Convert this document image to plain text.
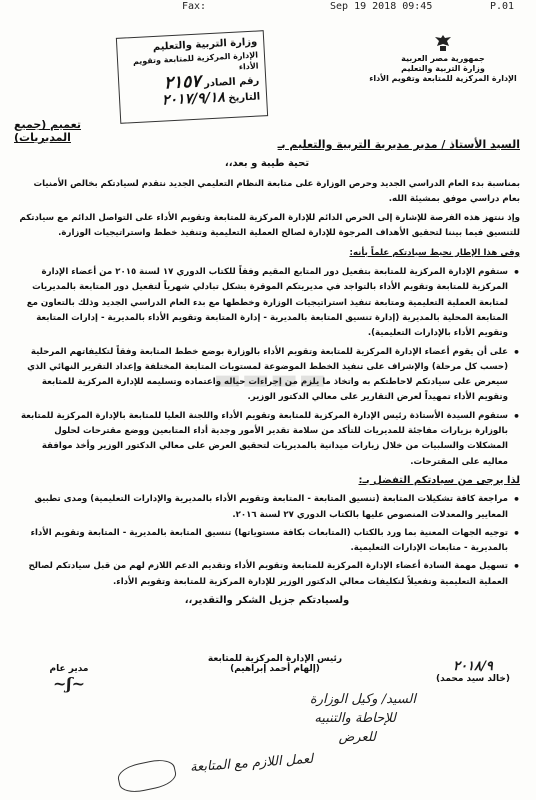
Fax:	Sep 19 2018 09:45	P.01
جمهورية مصر العربية
وزارة التربية والتعليم
الإدارة المركزية للمتابعة وتقويم الأداء
وزارة التربية والتعليم
الإدارة المركزية للمتابعة وتقويم الأداء
رقم الصادر ٢١٥٧
التاريخ ٢٠١٧/٩/١٨
تعميم (جميع المديريات)

السيد الأستاذ / مدير مديرية التربية والتعليم بـ

تحية طيبة و بعد،،

بمناسبة بدء العام الدراسي الجديد وحرص الوزارة على متابعة النظام التعليمي الجديد نتقدم لسيادتكم بخالص الأمنيات بعام دراسي موفق بمشيئة الله.

وإذ ننتهز هذه الفرصة للإشارة إلى الحرص الدائم للإدارة المركزية للمتابعة وتقويم الأداء على التواصل الدائم مع سيادتكم للتنسيق فيما بيننا لتحقيق الأهداف المرجوة للإدارة لصالح العملية التعليمية وتنفيذ خطط واستراتيجيات الوزارة.

وفي هذا الإطار نحيط سيادتكم علماً بأنه:

• ستقوم الإدارة المركزية للمتابعة بتفعيل دور المتابع المقيم وفقاً للكتاب الدوري ١٧ لسنة ٢٠١٥ من أعضاء الإدارة المركزية للمتابعة وتقويم الأداء بالتواجد في مديريتكم الموقرة بشكل تبادلي شهرياً لتفعيل دور المتابعة بالمديريات لمتابعة العملية التعليمية ومتابعة تنفيذ استراتيجيات الوزارة وخططها مع بدء العام الدراسي الجديد وذلك بالتعاون مع المتابعة المحلية بالمديرية (إدارة تنسيق المتابعة بالمديرية - إدارة المتابعة وتقويم الأداء بالمديرية - إدارات المتابعة وتقويم الأداء بالإدارات التعليمية).

• على أن يقوم أعضاء الإدارة المركزية للمتابعة وتقويم الأداء بالوزارة بوضع خطط المتابعة وفقاً لتكليفاتهم المرحلية (حسب كل مرحلة) والإشراف على تنفيذ الخطط الموضوعة لمستويات المتابعة المختلفة وإعداد التقرير النهائي الذي سيعرض على سيادتكم لاحاطتكم به واتخاذ ما يلزم من إجراءات حياله واعتماده وتسليمه للإدارة المركزية للمتابعة وتقويم الأداء تمهيداً لعرض التقارير على معالي الدكتور الوزير.

• ستقوم السيدة الأستاذة رئيس الإدارة المركزية للمتابعة وتقويم الأداء واللجنة العليا للمتابعة بالإدارة المركزية للمتابعة بالوزارة بزيارات مفاجئة للمديريات للتأكد من سلامة تقدير الأمور وجدية أداء المتابعين ووضع مقترحات لحلول المشكلات والسلبيات من خلال زيارات ميدانية بالمديريات لتحقيق العرض على معالي الدكتور الوزير وأخذ موافقة معاليه على المقترحات.

لذا يرجى من سيادتكم التفضل بـ:

• مراجعة كافة تشكيلات المتابعة (تنسيق المتابعة - المتابعة وتقويم الأداء بالمديرية والإدارات التعليمية) ومدى تطبيق المعايير والمعدلات المنصوص عليها بالكتاب الدوري ٢٧ لسنة ٢٠١٦.

• توجيه الجهات المعنية بما ورد بالكتاب (المتابعات بكافة مستوياتها) تنسيق المتابعة بالمديرية - المتابعة وتقويم الأداء بالمديرية - متابعات الإدارات التعليمية.

• تسهيل مهمة السادة أعضاء الإدارة المركزية للمتابعة وتقويم الأداء وتقديم الدعم اللازم لهم من قبل سيادتكم لصالح العملية التعليمية وتفعيلاً لتكليفات معالي الدكتور الوزير للإدارة المركزية للمتابعة وتقويم الأداء.

ولسيادتكم جزيل الشكر والتقدير،،

▬▬▬▬
٢٠١٨/٩
(خالد سيد محمد)
رئيس الإدارة المركزية للمتابعة
(إلهام أحمد إبراهيم)
مدير عام
~ʃ~
السيد/ وكيل الوزارة
للإحاطة والتنبيه
للعرض
لعمل اللازم مع المتابعة
